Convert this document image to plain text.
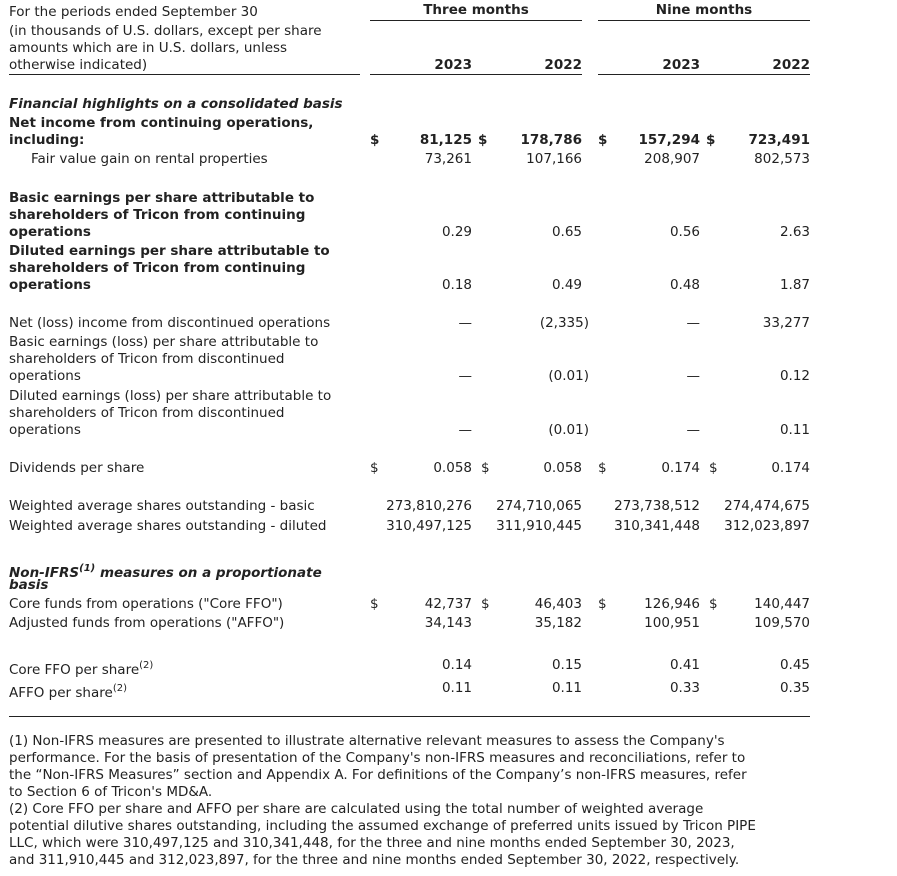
For the periods ended September 30
(in thousands of U.S. dollars, except per share
amounts which are in U.S. dollars, unless
otherwise indicated)
Three months	Nine months
2023	2022	2023	2022
Financial highlights on a consolidated basis
Net income from continuing operations,
including:	$	81,125 $ 178,786 $ 157,294 $ 723,491
Fair value gain on rental properties	73,261	107,166	208,907	802,573
Basic earnings per share attributable to
shareholders of Tricon from continuing
operations	0.29	0.65	0.56	2.63
Diluted earnings per share attributable to
shareholders of Tricon from continuing
operations	0.18	0.49	0.48	1.87
Net (loss) income from discontinued operations	—	(2,335)	—	33,277
Basic earnings (loss) per share attributable to
shareholders of Tricon from discontinued
operations	—	(0.01)	—	0.12
Diluted earnings (loss) per share attributable to
shareholders of Tricon from discontinued
operations	—	(0.01)	—	0.11
Dividends per share	$	0.058 $	0.058 $	0.174 $	0.174
Weighted average shares outstanding - basic	273,810,276 274,710,065 273,738,512 274,474,675
Weighted average shares outstanding - diluted	310,497,125 311,910,445 310,341,448 312,023,897
Non-IFRS$^{(1)}$ measures on a proportionate
basis
Core funds from operations ("Core FFO")	$	42,737 $	46,403 $	126,946 $	140,447
Adjusted funds from operations ("AFFO")	34,143	35,182	100,951	109,570
Core FFO per share$^{(2)}$	0.14	0.15	0.41	0.45
AFFO per share$^{(2)}$	0.11	0.11	0.33	0.35
(1) Non-IFRS measures are presented to illustrate alternative relevant measures to assess the Company's
performance. For the basis of presentation of the Company's non-IFRS measures and reconciliations, refer to
the “Non-IFRS Measures” section and Appendix A. For definitions of the Company’s non-IFRS measures, refer
to Section 6 of Tricon's MD&A.
(2) Core FFO per share and AFFO per share are calculated using the total number of weighted average
potential dilutive shares outstanding, including the assumed exchange of preferred units issued by Tricon PIPE
LLC, which were 310,497,125 and 310,341,448, for the three and nine months ended September 30, 2023,
and 311,910,445 and 312,023,897, for the three and nine months ended September 30, 2022, respectively.
